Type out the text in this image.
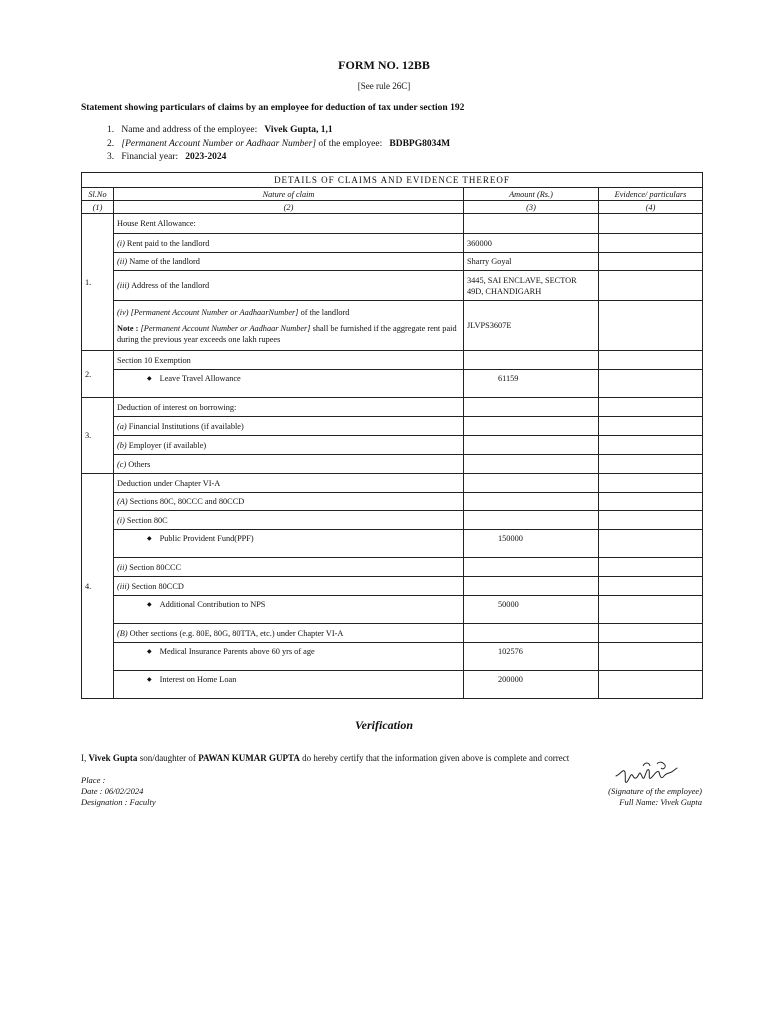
FORM NO. 12BB
[See rule 26C]
Statement showing particulars of claims by an employee for deduction of tax under section 192
1. Name and address of the employee: Vivek Gupta, 1,1
2. [Permanent Account Number or Aadhaar Number] of the employee: BDBPG8034M
3. Financial year: 2023-2024
DETAILS OF CLAIMS AND EVIDENCE THEREOF			
Sl.No	Nature of claim	Amount (Rs.)	Evidence/ particulars
(1)	(2)	(3)	(4)
1.	House Rent Allowance:		
	(i) Rent paid to the landlord	360000	
	(ii) Name of the landlord	Sharry Goyal	
	(iii) Address of the landlord	3445, SAI ENCLAVE, SECTOR 49D, CHANDIGARH	

	(iv) [Permanent Account Number or AadhaarNumber] of the landlord
Note : [Permanent Account Number or Aadhaar Number] shall be furnished if the aggregate rent paid during the previous year exceeds one lakh rupees	JLVPS3607E	
2.	Section 10 Exemption		
	◆ Leave Travel Allowance	61159	
3.	Deduction of interest on borrowing:		
	(a) Financial Institutions (if available)		
	(b) Employer (if available)		
	(c) Others		
4.	Deduction under Chapter VI-A		
	(A) Sections 80C, 80CCC and 80CCD		
	(i) Section 80C		
	◆ Public Provident Fund(PPF)	150000	
	(ii) Section 80CCC		
	(iii) Section 80CCD		
	◆ Additional Contribution to NPS	50000	
	(B) Other sections (e.g. 80E, 80G, 80TTA, etc.) under Chapter VI-A		
	◆ Medical Insurance Parents above 60 yrs of age	102576	
	◆ Interest on Home Loan	200000	
Verification
I, Vivek Gupta son/daughter of PAWAN KUMAR GUPTA do hereby certify that the information given above is complete and correct
Place :
Date : 06/02/2024
Designation : Faculty
(Signature of the employee)
Full Name: Vivek Gupta
